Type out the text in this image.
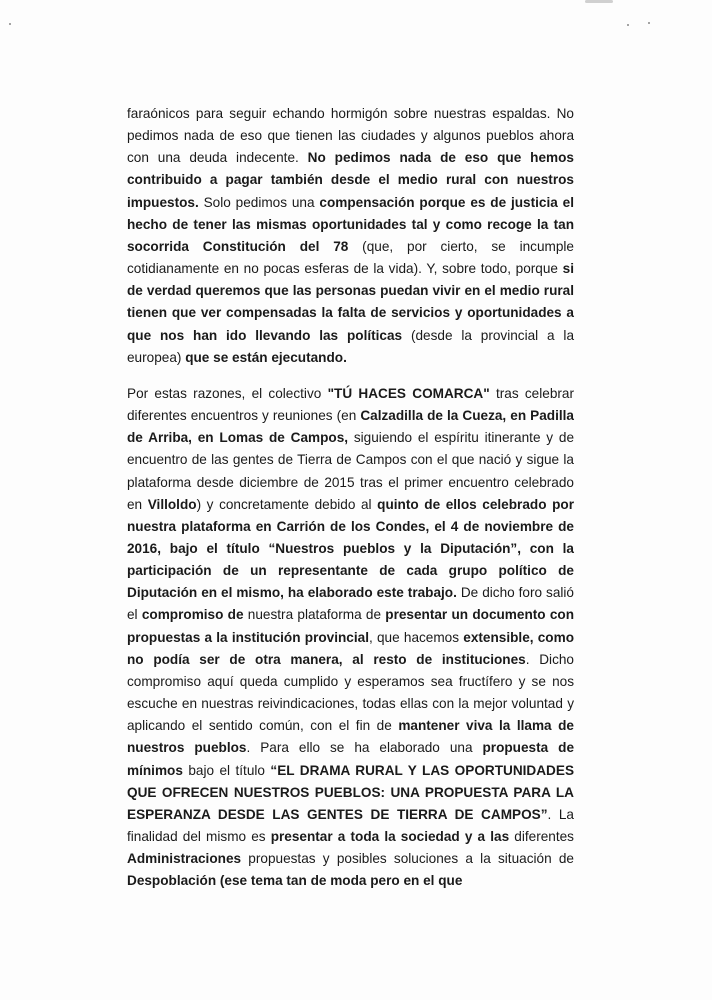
faraónicos para seguir echando hormigón sobre nuestras espaldas. No pedimos nada de eso que tienen las ciudades y algunos pueblos ahora con una deuda indecente. No pedimos nada de eso que hemos contribuido a pagar también desde el medio rural con nuestros impuestos. Solo pedimos una compensación porque es de justicia el hecho de tener las mismas oportunidades tal y como recoge la tan socorrida Constitución del 78 (que, por cierto, se incumple cotidianamente en no pocas esferas de la vida). Y, sobre todo, porque si de verdad queremos que las personas puedan vivir en el medio rural tienen que ver compensadas la falta de servicios y oportunidades a que nos han ido llevando las políticas (desde la provincial a la europea) que se están ejecutando.

Por estas razones, el colectivo "TÚ HACES COMARCA" tras celebrar diferentes encuentros y reuniones (en Calzadilla de la Cueza, en Padilla de Arriba, en Lomas de Campos, siguiendo el espíritu itinerante y de encuentro de las gentes de Tierra de Campos con el que nació y sigue la plataforma desde diciembre de 2015 tras el primer encuentro celebrado en Villoldo) y concretamente debido al quinto de ellos celebrado por nuestra plataforma en Carrión de los Condes, el 4 de noviembre de 2016, bajo el título “Nuestros pueblos y la Diputación”, con la participación de un representante de cada grupo político de Diputación en el mismo, ha elaborado este trabajo. De dicho foro salió el compromiso de nuestra plataforma de presentar un documento con propuestas a la institución provincial, que hacemos extensible, como no podía ser de otra manera, al resto de instituciones. Dicho compromiso aquí queda cumplido y esperamos sea fructífero y se nos escuche en nuestras reivindicaciones, todas ellas con la mejor voluntad y aplicando el sentido común, con el fin de mantener viva la llama de nuestros pueblos. Para ello se ha elaborado una propuesta de mínimos bajo el título “EL DRAMA RURAL Y LAS OPORTUNIDADES QUE OFRECEN NUESTROS PUEBLOS: UNA PROPUESTA PARA LA ESPERANZA DESDE LAS GENTES DE TIERRA DE CAMPOS”. La finalidad del mismo es presentar a toda la sociedad y a las diferentes Administraciones propuestas y posibles soluciones a la situación de Despoblación (ese tema tan de moda pero en el que
